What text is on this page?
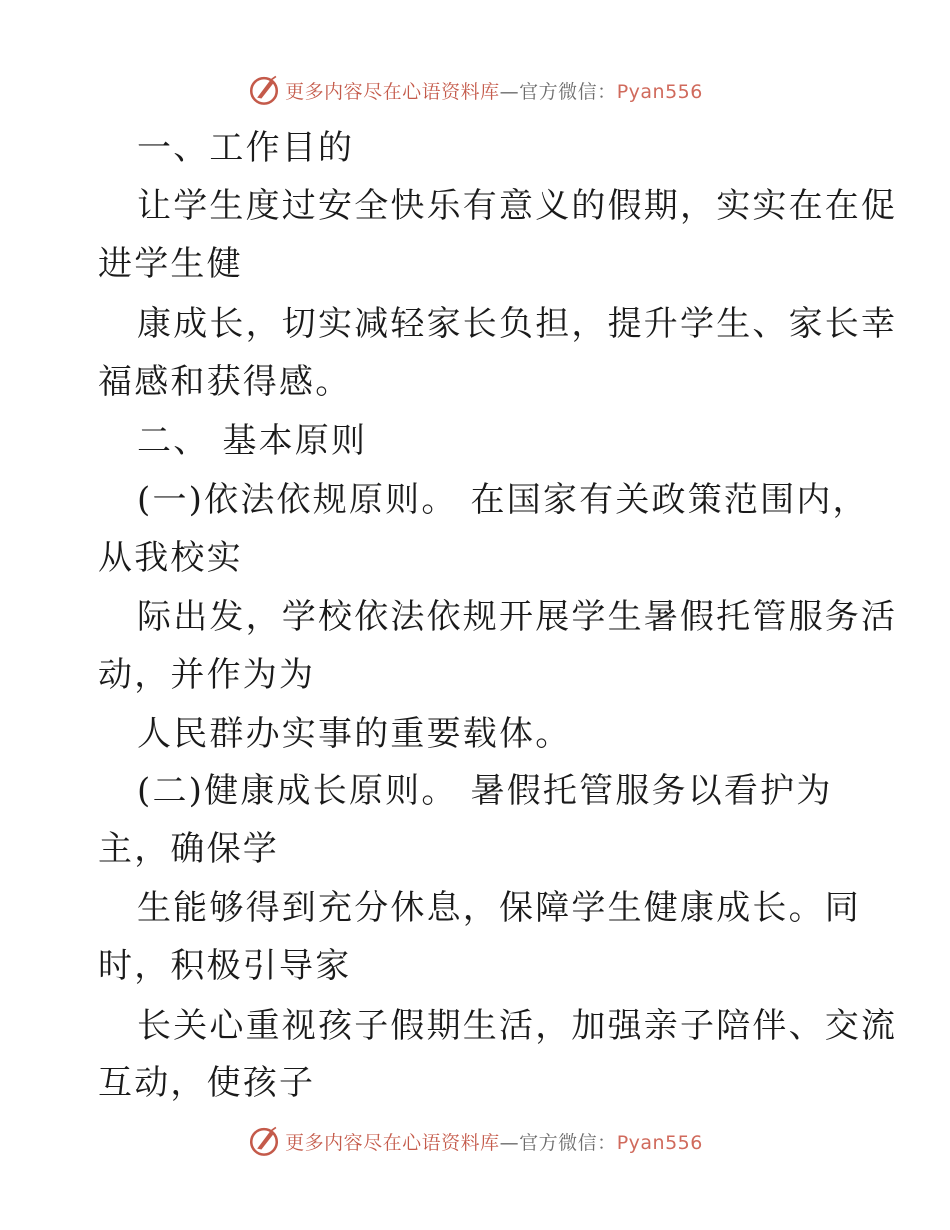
更多内容尽在心语资料库—官方微信：Pyan556
一、工作目的
让学生度过安全快乐有意义的假期，实实在在促
进学生健
康成长，切实减轻家长负担，提升学生、家长幸
福感和获得感。
二、 基本原则
(一)依法依规原则。 在国家有关政策范围内，
从我校实
际出发，学校依法依规开展学生暑假托管服务活
动，并作为为
人民群办实事的重要载体。
(二)健康成长原则。 暑假托管服务以看护为
主，确保学
生能够得到充分休息，保障学生健康成长。同
时，积极引导家
长关心重视孩子假期生活，加强亲子陪伴、交流
互动，使孩子
更多内容尽在心语资料库—官方微信：Pyan556
